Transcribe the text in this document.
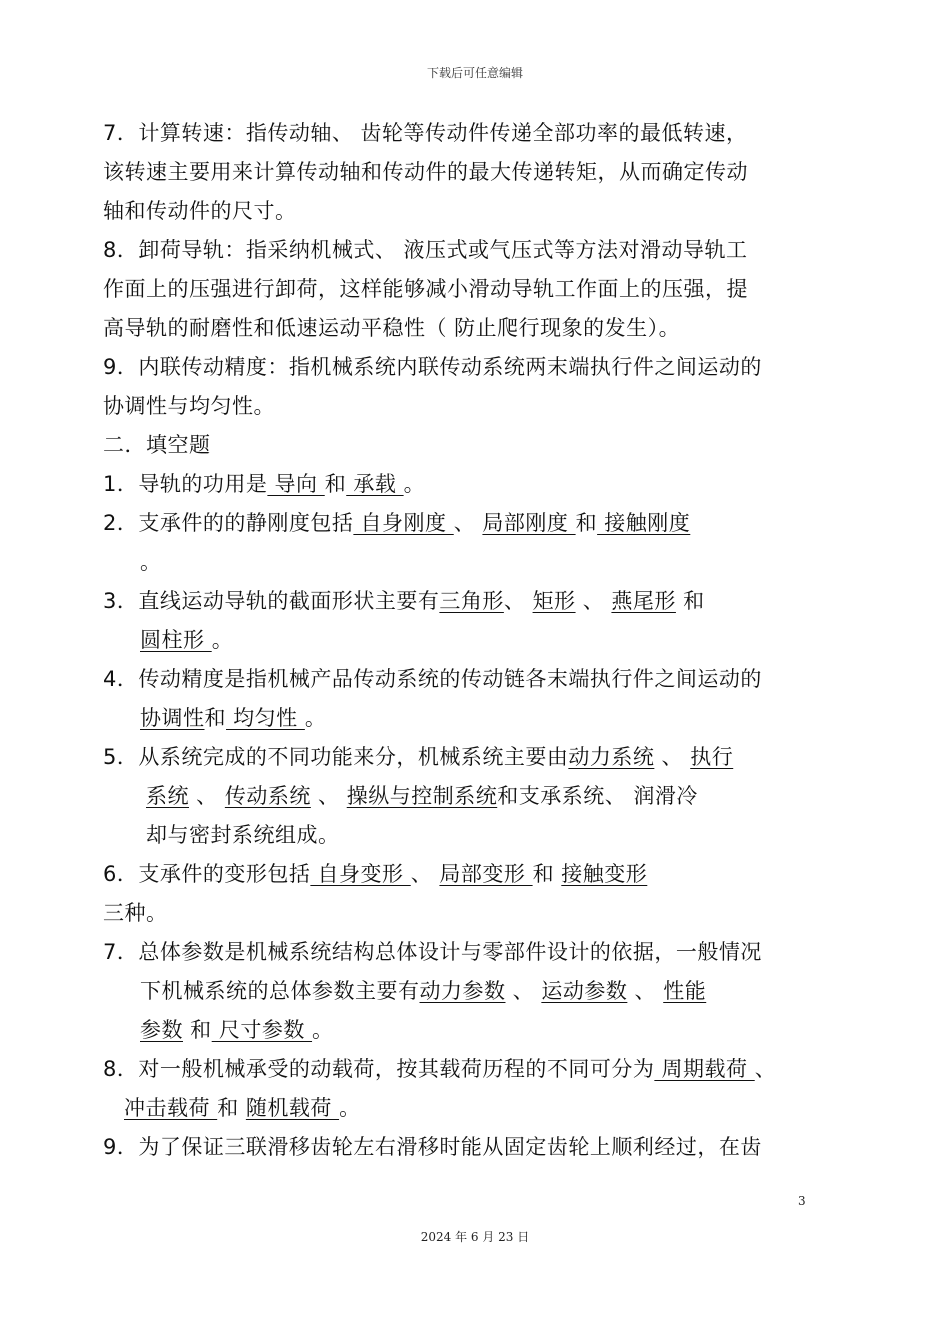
下载后可任意编辑
7．计算转速：指传动轴、 齿轮等传动件传递全部功率的最低转速，
该转速主要用来计算传动轴和传动件的最大传递转矩，从而确定传动
轴和传动件的尺寸。
8．卸荷导轨：指采纳机械式、 液压式或气压式等方法对滑动导轨工
作面上的压强进行卸荷，这样能够减小滑动导轨工作面上的压强，提
高导轨的耐磨性和低速运动平稳性（ 防止爬行现象的发生）。
9．内联传动精度：指机械系统内联传动系统两末端执行件之间运动的
协调性与均匀性。
二．填空题
1．导轨的功用是 导向 和 承载 。
2．支承件的的静刚度包括 自身刚度 、 局部刚度 和 接触刚度
。
3．直线运动导轨的截面形状主要有三角形、 矩形 、 燕尾形 和
圆柱形 。
4．传动精度是指机械产品传动系统的传动链各末端执行件之间运动的
协调性和 均匀性 。
5．从系统完成的不同功能来分，机械系统主要由动力系统 、 执行
系统 、 传动系统 、 操纵与控制系统和支承系统、 润滑冷
却与密封系统组成。
6．支承件的变形包括 自身变形 、 局部变形 和 接触变形
三种。
7．总体参数是机械系统结构总体设计与零部件设计的依据，一般情况
下机械系统的总体参数主要有动力参数 、 运动参数 、 性能
参数 和 尺寸参数 。
8．对一般机械承受的动载荷，按其载荷历程的不同可分为 周期载荷 、
冲击载荷 和 随机载荷 。
9．为了保证三联滑移齿轮左右滑移时能从固定齿轮上顺利经过，在齿
3
2024 年 6 月 23 日
